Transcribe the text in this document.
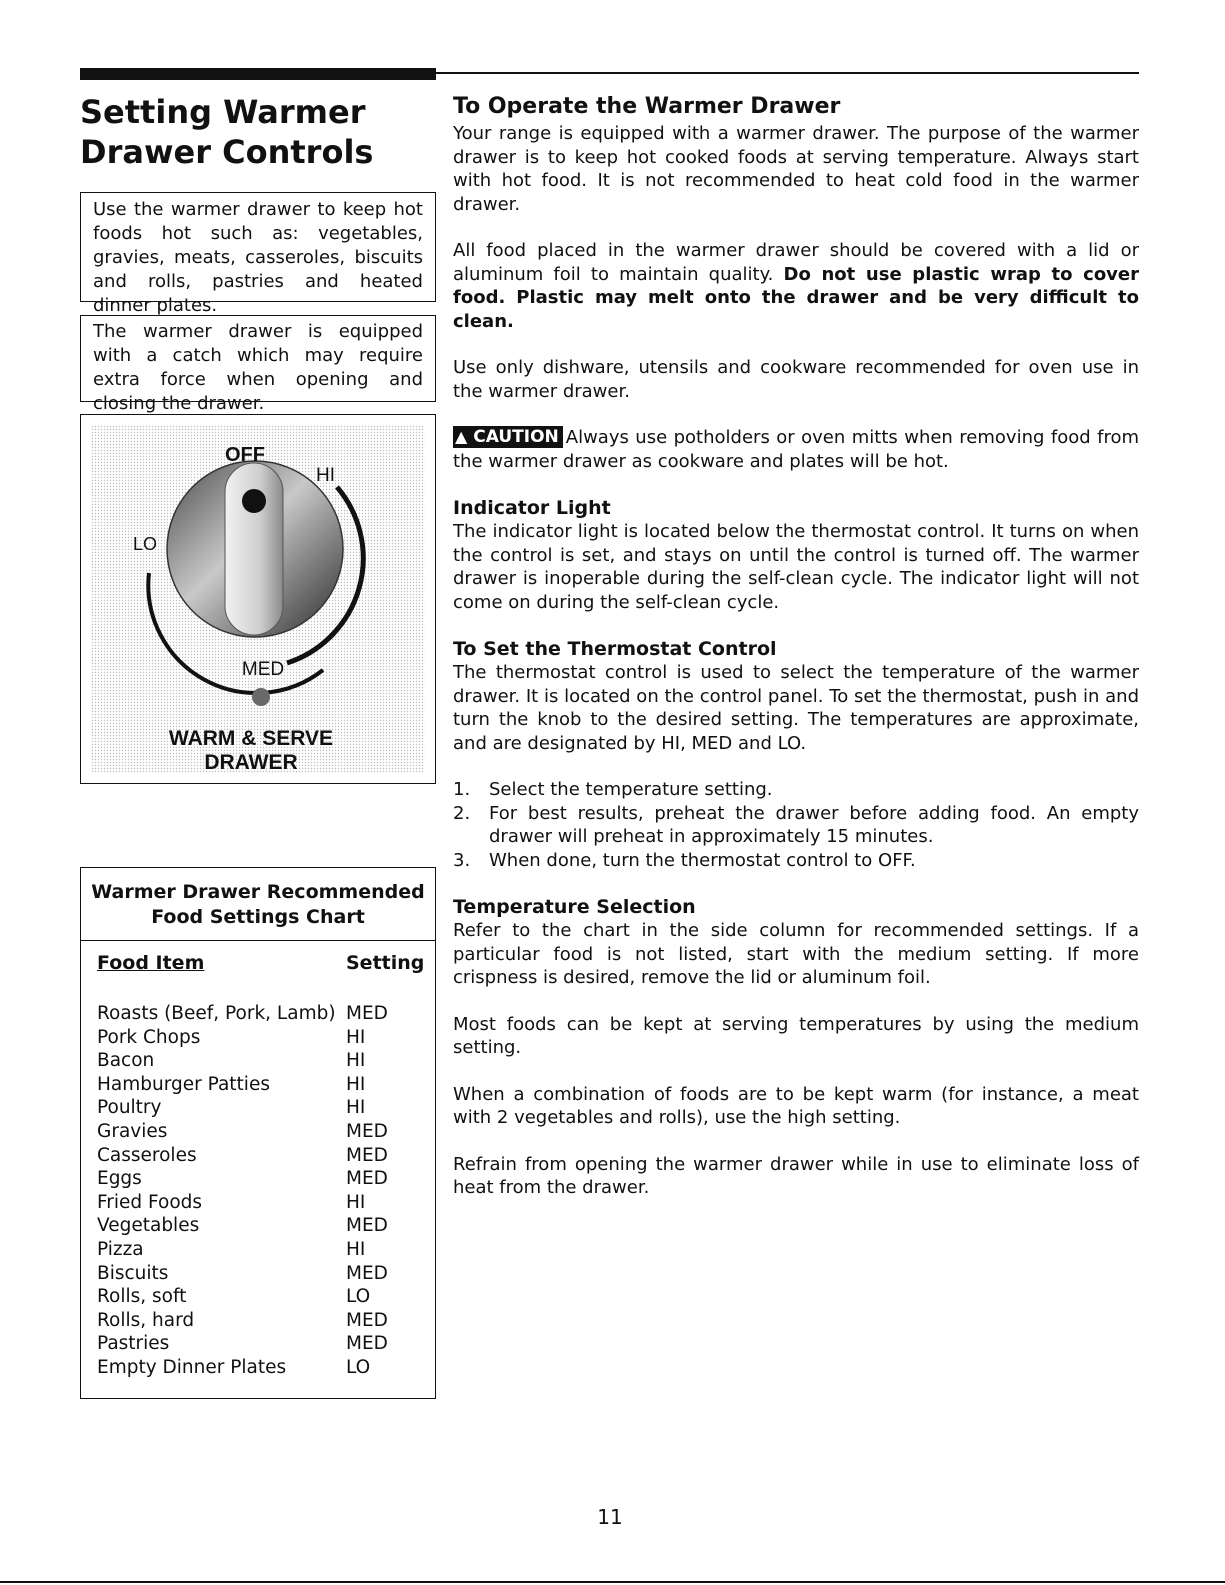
Setting Warmer
Drawer Controls

Use the warmer drawer to keep hot foods hot such as: vegetables, gravies, meats, casseroles, biscuits and rolls, pastries and heated dinner plates.

The warmer drawer is equipped with a catch which may require extra force when opening and closing the drawer.

OFF
HI
LO
MED
WARM & SERVE
DRAWER
Warmer Drawer Recommended
Food Settings Chart
Food Item	Setting
Roasts (Beef, Pork, Lamb) MED
Pork Chops	HI
Bacon	HI
Hamburger Patties	HI
Poultry	HI
Gravies	MED
Casseroles	MED
Eggs	MED
Fried Foods	HI
Vegetables	MED
Pizza	HI
Biscuits	MED
Rolls, soft	LO
Rolls, hard	MED
Pastries	MED
Empty Dinner Plates	LO
To Operate the Warmer Drawer

Your range is equipped with a warmer drawer. The purpose of the warmer drawer is to keep hot cooked foods at serving temperature. Always start with hot food. It is not recommended to heat cold food in the warmer drawer.

All food placed in the warmer drawer should be covered with a lid or aluminum foil to maintain quality. Do not use plastic wrap to cover food. Plastic may melt onto the drawer and be very difficult to clean.

Use only dishware, utensils and cookware recommended for oven use in the warmer drawer.

▲ CAUTION Always use potholders or oven mitts when removing food from the warmer drawer as cookware and plates will be hot.

Indicator Light

The indicator light is located below the thermostat control. It turns on when the control is set, and stays on until the control is turned off. The warmer drawer is inoperable during the self-clean cycle. The indicator light will not come on during the self-clean cycle.

To Set the Thermostat Control

The thermostat control is used to select the temperature of the warmer drawer. It is located on the control panel. To set the thermostat, push in and turn the knob to the desired setting. The temperatures are approximate, and are designated by HI, MED and LO.

1. Select the temperature setting.
2. For best results, preheat the drawer before adding food. An empty drawer will preheat in approximately 15 minutes.
3. When done, turn the thermostat control to OFF.
Temperature Selection

Refer to the chart in the side column for recommended settings. If a particular food is not listed, start with the medium setting. If more crispness is desired, remove the lid or aluminum foil.

Most foods can be kept at serving temperatures by using the medium setting.

When a combination of foods are to be kept warm (for instance, a meat with 2 vegetables and rolls), use the high setting.

Refrain from opening the warmer drawer while in use to eliminate loss of heat from the drawer.

11
